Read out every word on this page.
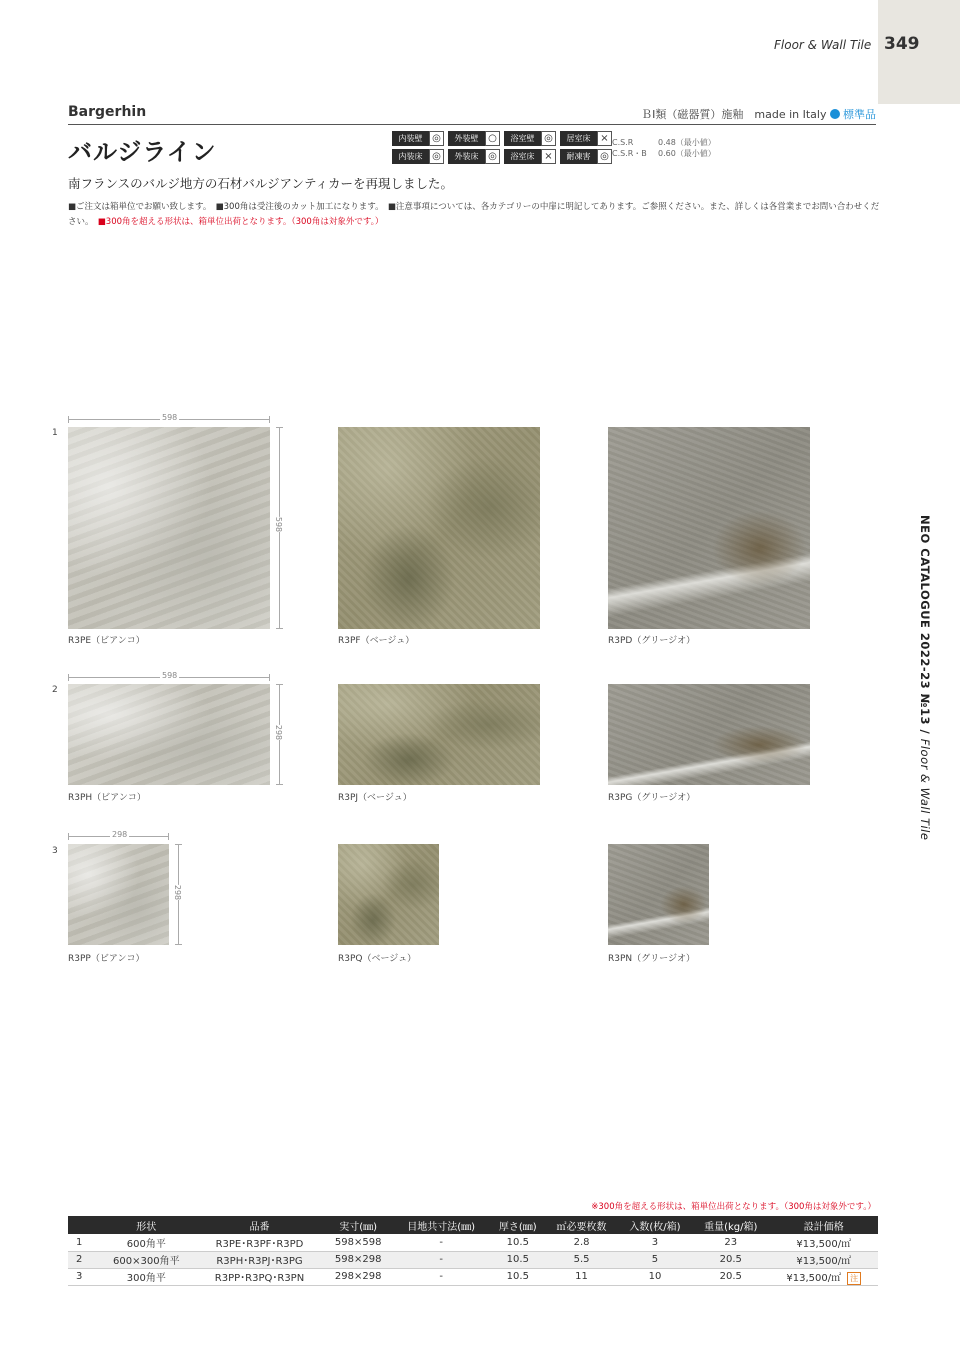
Floor & Wall Tile 349
Bargerhin	ＢⅠ類（磁器質）施釉　made in Italy 標準品
バルジライン	内装壁 ◎	外装壁 ○	浴室壁 ◎	居室床 ×
内装床 ◎	外装床 ◎	浴室床 ×	耐凍害 ◎
C.S.R	0.48（最小値）
C.S.R・B 0.60（最小値）
南フランスのバルジ地方の石材バルジアンティカーを再現しました。
■ご注文は箱単位でお願い致します。　■300角は受注後のカット加工になります。　■注意事項については、各カテゴリーの中扉に明記してあります。ご参照ください。また、詳しくは各営業までお問い合わせください。　 ■300角を超える形状は、箱単位出荷となります。（300角は対象外です。）
1
598
598
R3PE（ビアンコ）	R3PF（ベージュ）	R3PD（グリージオ）
2
598
298
R3PH（ビアンコ）	R3PJ（ベージュ）	R3PG（グリージオ）
3
298
298
R3PP（ビアンコ）	R3PQ（ベージュ）	R3PN（グリージオ）
NEO CATALOGUE 2022-23 №13 / Floor & Wall Tile
※300角を超える形状は、箱単位出荷となります。（300角は対象外です。）
	形状	品番	実寸(㎜)	目地共寸法(㎜)	厚さ(㎜)	㎡必要枚数	入数(枚/箱)	重量(kg/箱)	設計価格
1	600角平	R3PE･R3PF･R3PD	598×598	-	10.5	2.8	3	23	¥13,500/㎡
2	600×300角平	R3PH･R3PJ･R3PG	598×298	-	10.5	5.5	5	20.5	¥13,500/㎡
3	300角平	R3PP･R3PQ･R3PN	298×298	-	10.5	11	10	20.5	¥13,500/㎡ 注
